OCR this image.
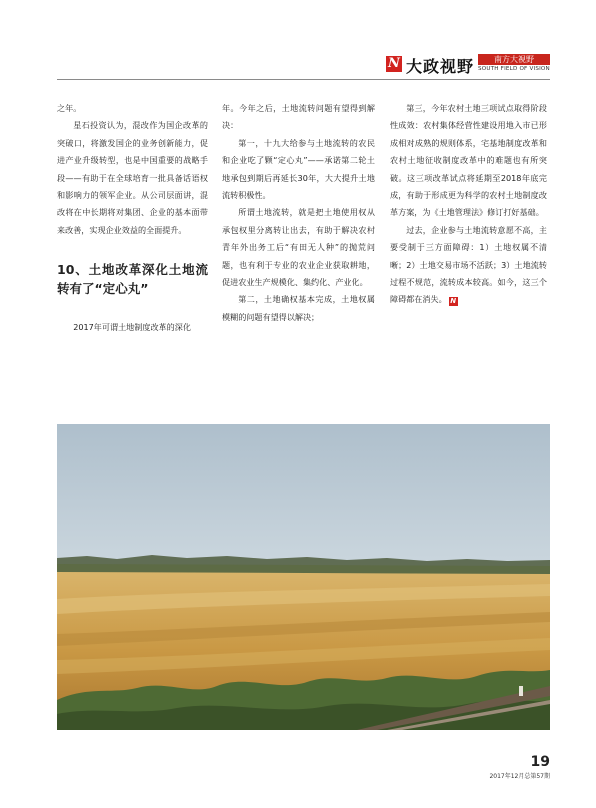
N 大政视野	南方大視野
SOUTH FIELD OF VISION

之年。

星石投资认为，混改作为国企改革的突破口，将激发国企的业务创新能力，促进产业升级转型，也是中国重要的战略手段——有助于在全球培育一批具备话语权和影响力的领军企业。从公司层面讲，混改将在中长期将对集团、企业的基本面带来改善，实现企业效益的全面提升。

10、土地改革深化土地流转有了“定心丸”

2017年可谓土地制度改革的深化

年。今年之后，土地流转问题有望得到解决：

第一，十九大给参与土地流转的农民和企业吃了颗“定心丸”——承诺第二轮土地承包到期后再延长30年，大大提升土地流转积极性。

所谓土地流转，就是把土地使用权从承包权里分离转让出去，有助于解决农村青年外出务工后“有田无人种”的抛荒问题，也有利于专业的农业企业获取耕地，促进农业生产规模化、集约化、产业化。

第二，土地确权基本完成，土地权属模糊的问题有望得以解决；

第三，今年农村土地三项试点取得阶段性成效：农村集体经营性建设用地入市已形成相对成熟的规则体系，宅基地制度改革和农村土地征收制度改革中的难题也有所突破。这三项改革试点将延期至2018年底完成，有助于形成更为科学的农村土地制度改革方案，为《土地管理法》修订打好基础。

过去，企业参与土地流转意愿不高，主要受制于三方面障碍：1）土地权属不清晰；2）土地交易市场不活跃；3）土地流转过程不规范，流转成本较高。如今，这三个障碍都在消失。 N

19
2017年12月总第57期
